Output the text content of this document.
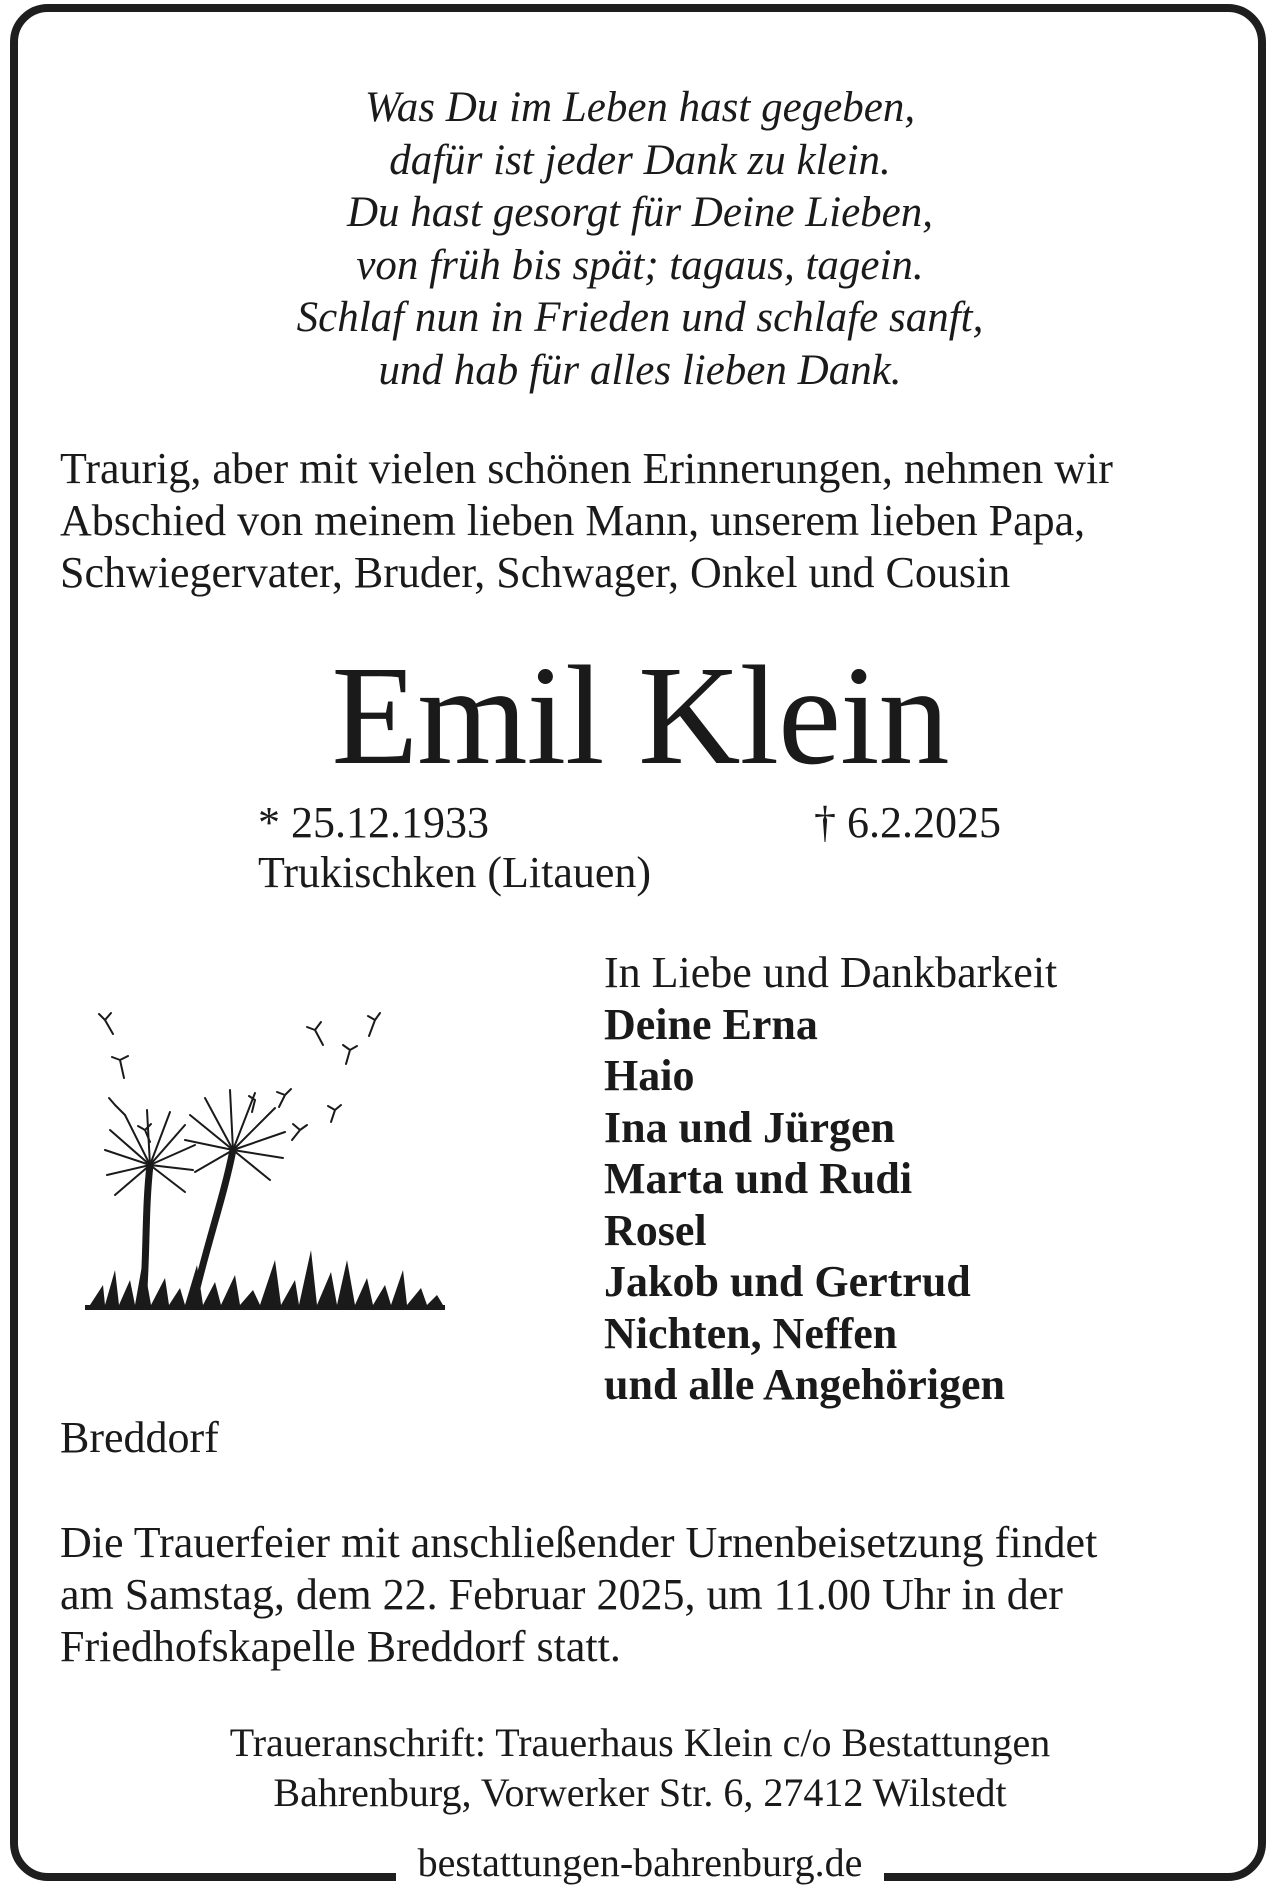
Was Du im Leben hast gegeben,
dafür ist jeder Dank zu klein.
Du hast gesorgt für Deine Lieben,
von früh bis spät; tagaus, tagein.
Schlaf nun in Frieden und schlafe sanft,
und hab für alles lieben Dank.
Traurig, aber mit vielen schönen Erinnerungen, nehmen wir
Abschied von meinem lieben Mann, unserem lieben Papa,
Schwiegervater, Bruder, Schwager, Onkel und Cousin
Emil Klein
* 25.12.1933	† 6.2.2025
Trukischken (Litauen)
In Liebe und Dankbarkeit
Deine Erna
Haio
Ina und Jürgen
Marta und Rudi
Rosel
Jakob und Gertrud
Nichten, Neffen
und alle Angehörigen
Breddorf
Die Trauerfeier mit anschließender Urnenbeisetzung findet
am Samstag, dem 22. Februar 2025, um 11.00 Uhr in der
Friedhofskapelle Breddorf statt.
Traueranschrift: Trauerhaus Klein c/o Bestattungen
Bahrenburg, Vorwerker Str. 6, 27412 Wilstedt
bestattungen-bahrenburg.de
